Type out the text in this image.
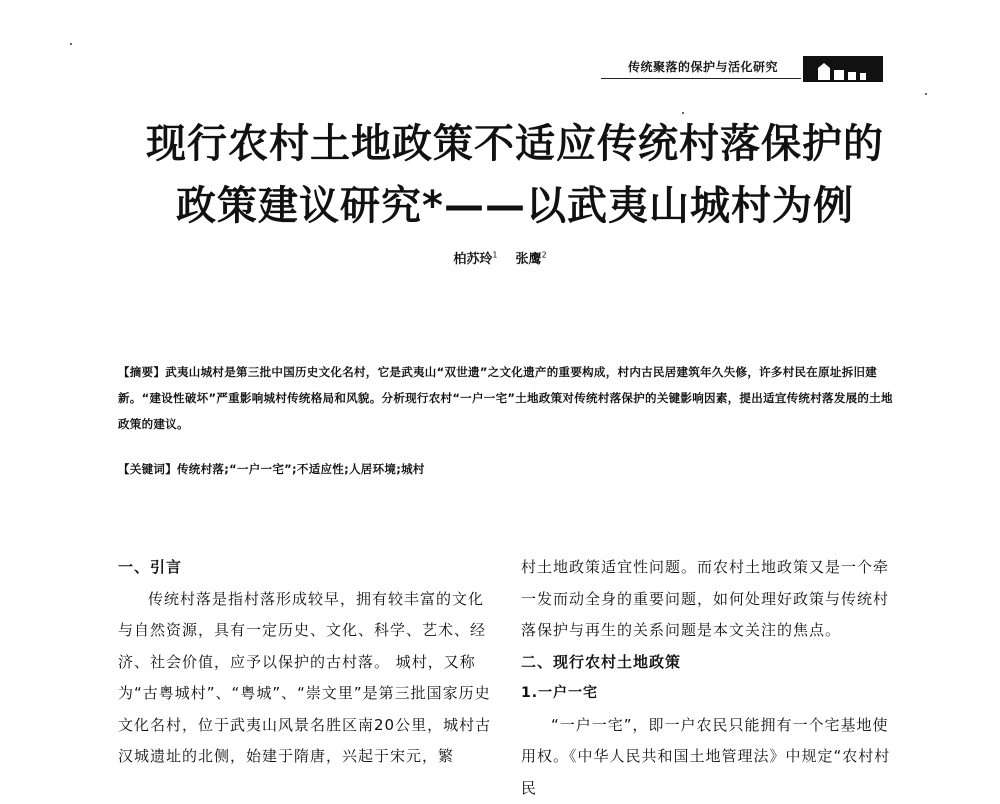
传统聚落的保护与活化研究
现行农村土地政策不适应传统村落保护的
政策建议研究*——以武夷山城村为例
柏苏玲$^1$ 张鹰$^2$
【摘要】武夷山城村是第三批中国历史文化名村，它是武夷山“双世遗”之文化遗产的重要构成，村内古民居建筑年久失修，许多村民在原址拆旧建新。“建设性破坏”严重影响城村传统格局和风貌。分析现行农村“一户一宅”土地政策对传统村落保护的关键影响因素，提出适宜传统村落发展的土地政策的建议。
【关键词】传统村落;“一户一宅”;不适应性;人居环境;城村
一、引言

传统村落是指村落形成较早，拥有较丰富的文化与自然资源，具有一定历史、文化、科学、艺术、经济、社会价值，应予以保护的古村落。 城村，又称为“古粤城村”、“粤城”、“崇文里”是第三批国家历史文化名村，位于武夷山风景名胜区南20公里，城村古汉城遗址的北侧，始建于隋唐，兴起于宋元，繁

村土地政策适宜性问题。而农村土地政策又是一个牵一发而动全身的重要问题，如何处理好政策与传统村落保护与再生的关系问题是本文关注的焦点。

二、现行农村土地政策
1.一户一宅

“一户一宅”，即一户农民只能拥有一个宅基地使用权。《中华人民共和国土地管理法》中规定“农村村民
